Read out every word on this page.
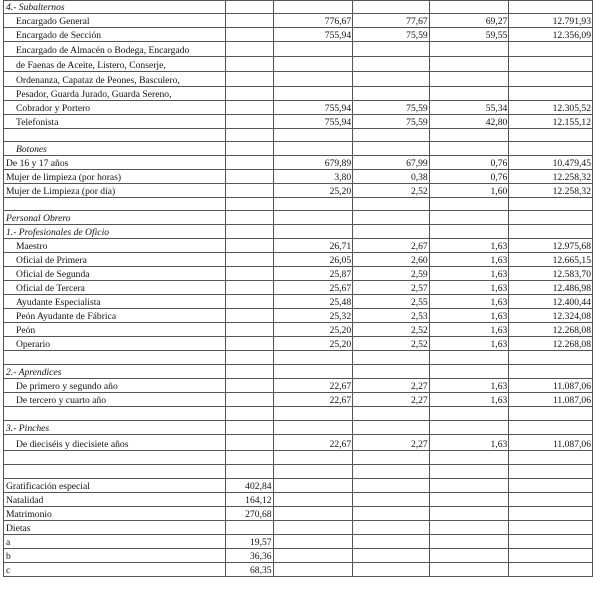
4.- Subalternos					
Encargado General		776,67	77,67	69,27	12.791,93
Encargado de Sección		755,94	75,59	59,55	12.356,09
Encargado de Almacén o Bodega, Encargado					
de Faenas de Aceite, Listero, Conserje,					
Ordenanza, Capataz de Peones, Basculero,					
Pesador, Guarda Jurado, Guarda Sereno,					
Cobrador y Portero		755,94	75,59	55,34	12.305,52
Telefonista		755,94	75,59	42,80	12.155,12

Botones					
De 16 y 17 años		679,89	67,99	0,76	10.479,45
Mujer de limpieza (por horas)		3,80	0,38	0,76	12.258,32
Mujer de Limpieza (por día)		25,20	2,52	1,60	12.258,32

Personal Obrero					
1.- Profesionales de Oficio					
Maestro		26,71	2,67	1,63	12.975,68
Oficial de Primera		26,05	2,60	1,63	12.665,15
Oficial de Segunda		25,87	2,59	1,63	12.583,70
Oficial de Tercera		25,67	2,57	1,63	12.486,98
Ayudante Especialista		25,48	2,55	1,63	12.400,44
Peón Ayudante de Fábrica		25,32	2,53	1,63	12.324,08
Peón		25,20	2,52	1,63	12.268,08
Operario		25,20	2,52	1,63	12.268,08

2.- Aprendices					
De primero y segundo año		22,67	2,27	1,63	11.087,06
De tercero y cuarto año		22,67	2,27	1,63	11.087,06

3.- Pinches					
De dieciséis y diecisiete años		22,67	2,27	1,63	11.087,06

Gratificación especial	402,84				
Natalidad	164,12				
Matrimonio	270,68				
Dietas					
a	19,57				
b	36,36				
c	68,35				
